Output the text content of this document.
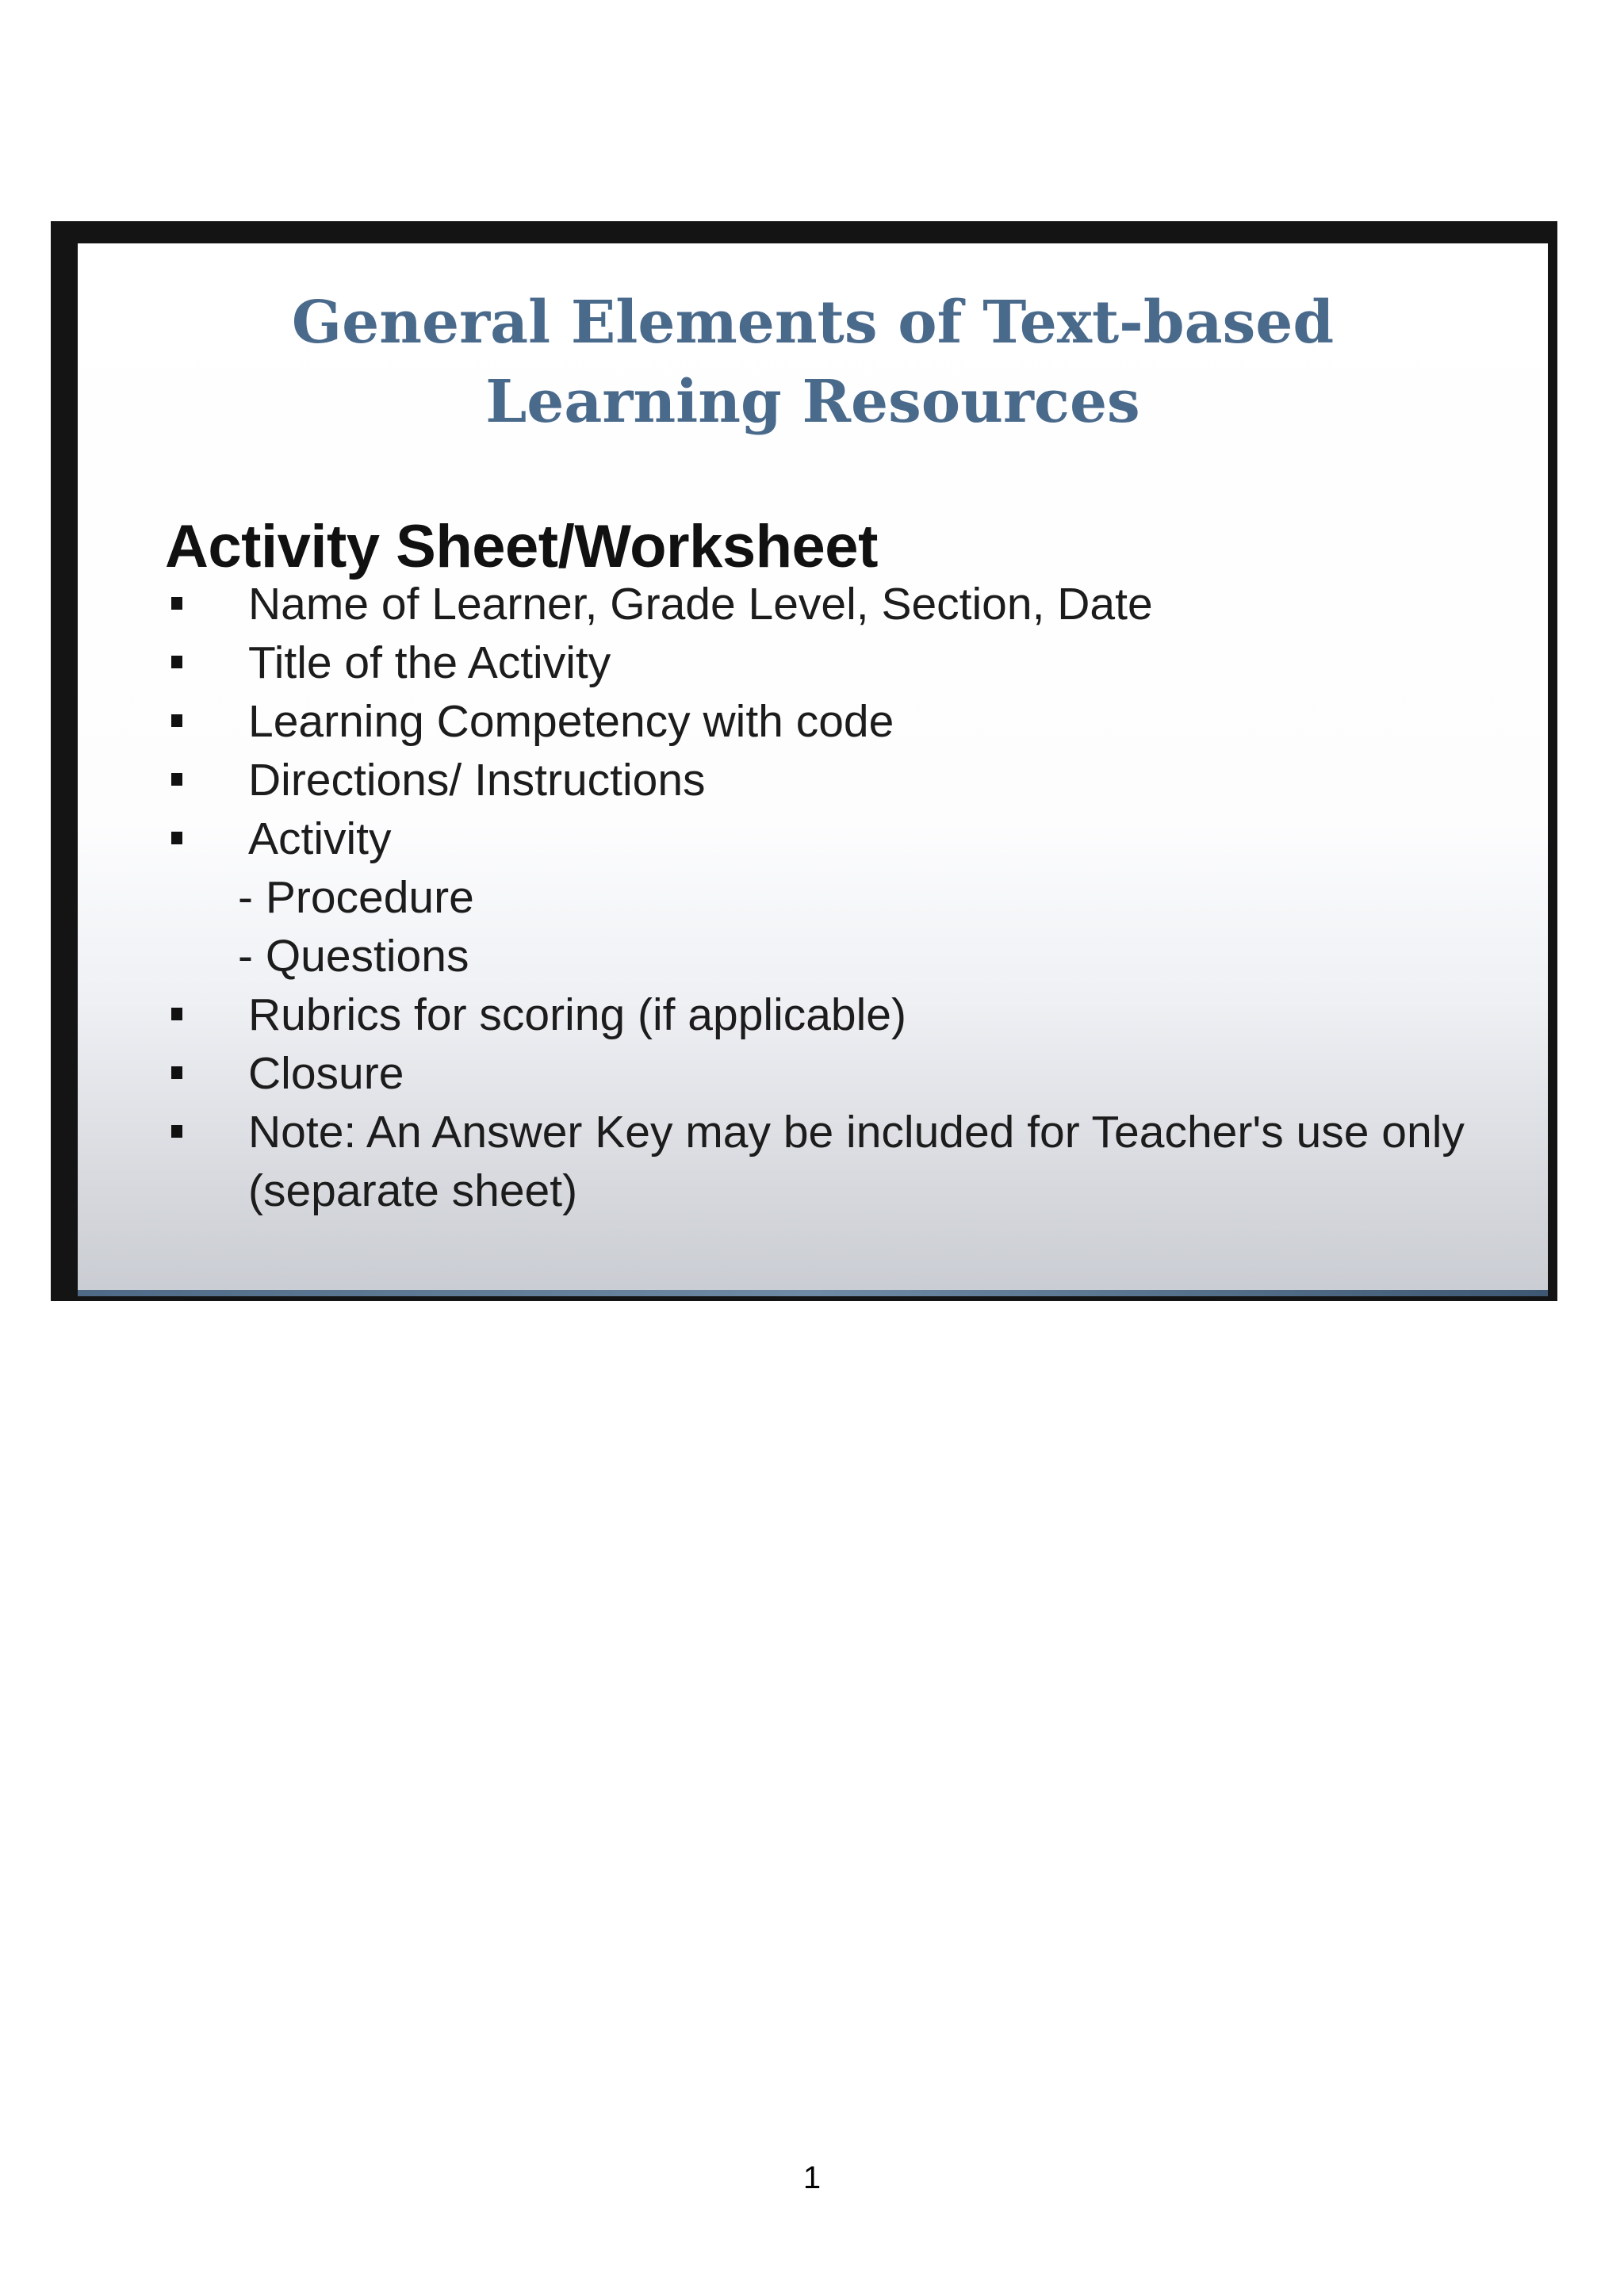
General Elements of Text-based
Learning Resources
Activity Sheet/Worksheet
Name of Learner, Grade Level, Section, Date
Title of the Activity
Learning Competency with code
Directions/ Instructions
Activity
- Procedure
- Questions
Rubrics for scoring (if applicable)
Closure
Note: An Answer Key may be included for Teacher's use only (separate sheet)
1
